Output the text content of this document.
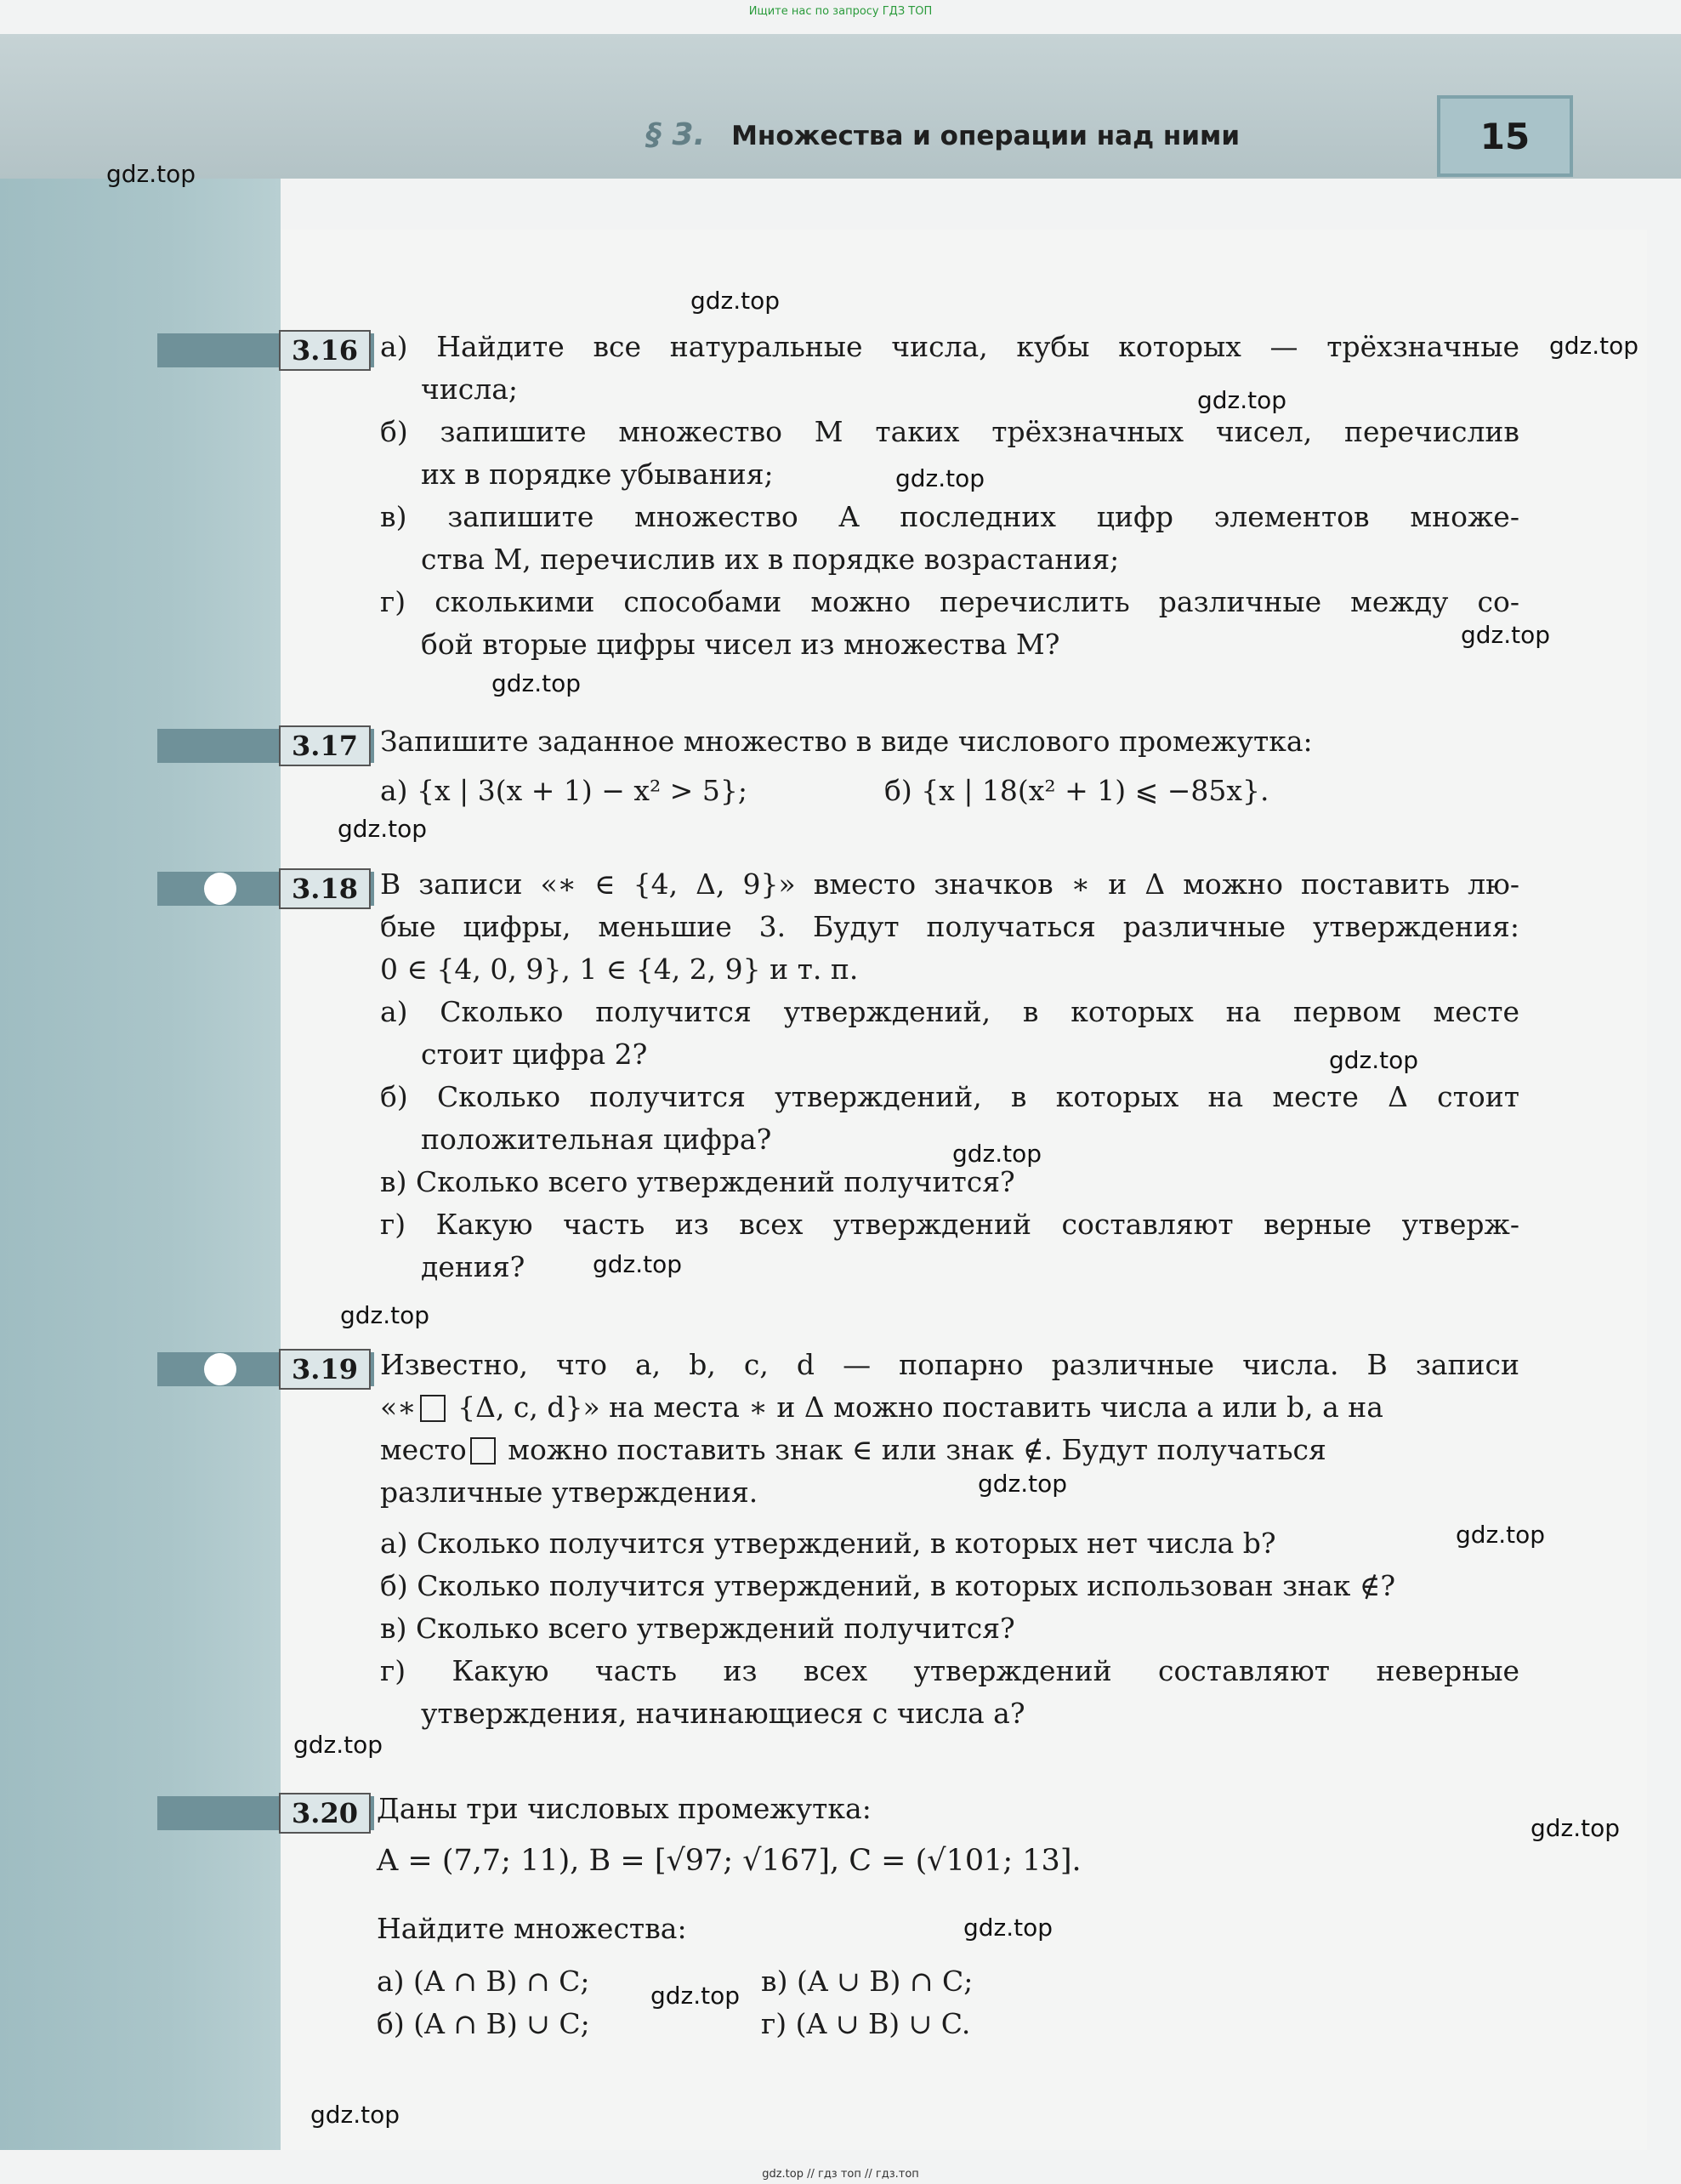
Ищите нас по запросу ГДЗ ТОП
§ 3. Множества и операции над ними	15
gdz.top
gdz.top
gdz.top
gdz.top
gdz.top
gdz.top
gdz.top
gdz.top
gdz.top
gdz.top
gdz.top
gdz.top
gdz.top
gdz.top
gdz.top
gdz.top
gdz.top
gdz.top
gdz.top
3.16 а) Найдите все натуральные числа, кубы которых — трёхзначные
числа;
б) запишите множество M таких трёхзначных чисел, перечислив
их в порядке убывания;
в) запишите множество A последних цифр элементов множе-
ства M, перечислив их в порядке возрастания;
г) сколькими способами можно перечислить различные между со-
бой вторые цифры чисел из множества M?
3.17 Запишите заданное множество в виде числового промежутка:
а) {x | 3(x + 1) − x² > 5};	б) {x | 18(x² + 1) ⩽ −85x}.
3.18 В записи «∗ ∈ {4, Δ, 9}» вместо значков ∗ и Δ можно поставить лю-
бые цифры, меньшие 3. Будут получаться различные утверждения:
0 ∈ {4, 0, 9}, 1 ∈ {4, 2, 9} и т. п.
а) Сколько получится утверждений, в которых на первом месте
стоит цифра 2?
б) Сколько получится утверждений, в которых на месте Δ стоит
положительная цифра?
в) Сколько всего утверждений получится?
г) Какую часть из всех утверждений составляют верные утверж-
дения?
3.19 Известно, что a, b, c, d — попарно различные числа. В записи
«∗ {Δ, c, d}» на места ∗ и Δ можно поставить числа a или b, а на
место можно поставить знак ∈ или знак ∉. Будут получаться
различные утверждения.
а) Сколько получится утверждений, в которых нет числа b?
б) Сколько получится утверждений, в которых использован знак ∉?
в) Сколько всего утверждений получится?
г) Какую часть из всех утверждений составляют неверные
утверждения, начинающиеся с числа a?
3.20 Даны три числовых промежутка:
A = (7,7; 11), B = [√97; √167], C = (√101; 13].
Найдите множества:
а) (A ∩ B) ∩ C;	в) (A ∪ B) ∩ C;
б) (A ∩ B) ∪ C;	г) (A ∪ B) ∪ C.
gdz.top // гдз топ // гдз.топ
